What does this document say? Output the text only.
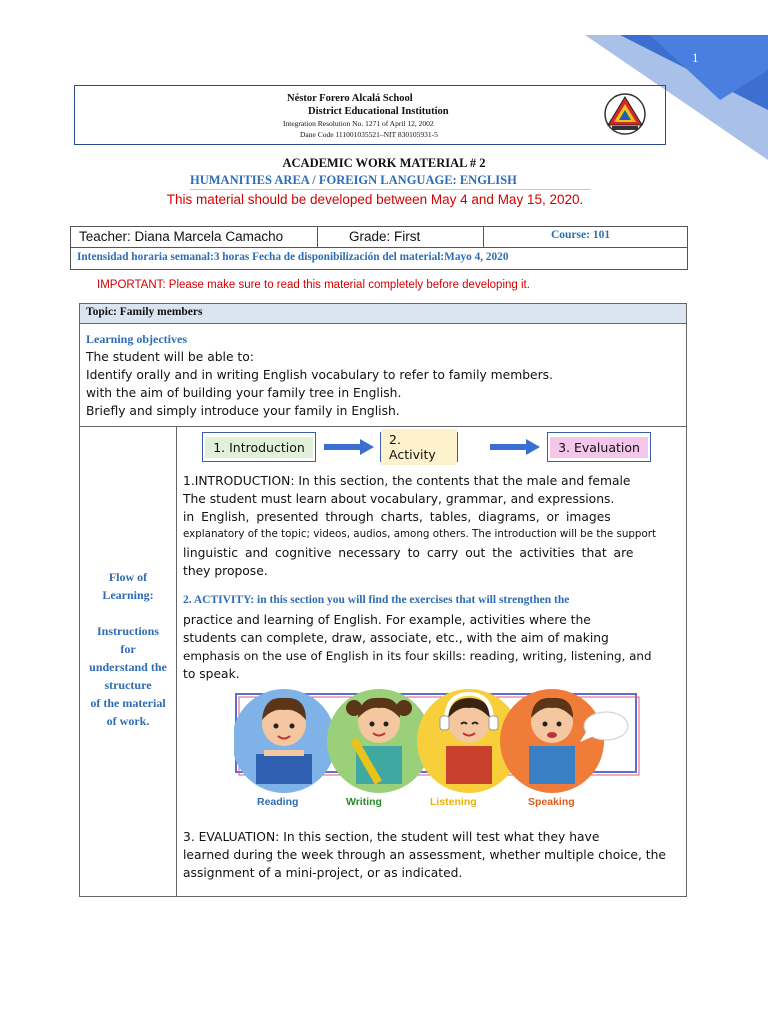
1
Néstor Forero Alcalá School
District Educational Institution
Integration Resolution No. 1271 of April 12, 2002
Dane Code 111001035521–NIT 830105931-5
ACADEMIC WORK MATERIAL # 2
HUMANITIES AREA / FOREIGN LANGUAGE: ENGLISH
This material should be developed between May 4 and May 15, 2020.
Teacher: Diana Marcela Camacho	Grade: First	Course: 101
Intensidad horaria semanal:3 horas Fecha de disponibilización del material:Mayo 4, 2020
IMPORTANT: Please make sure to read this material completely before developing it.
Topic: Family members
Learning objectives
The student will be able to:
Identify orally and in writing English vocabulary to refer to family members.
with the aim of building your family tree in English.
Briefly and simply introduce your family in English.
Flow of
Learning:
Instructions
for
understand the
structure
of the material
of work.
1. Introduction	2. Activity	3. Evaluation
1.INTRODUCTION: In this section, the contents that the male and female
The student must learn about vocabulary, grammar, and expressions.
in English, presented through charts, tables, diagrams, or images
explanatory of the topic; videos, audios, among others. The introduction will be the support
linguistic and cognitive necessary to carry out the activities that are
they propose.
2. ACTIVITY: in this section you will find the exercises that will strengthen the
practice and learning of English. For example, activities where the
students can complete, draw, associate, etc., with the aim of making
emphasis on the use of English in its four skills: reading, writing, listening, and
to speak.
3. EVALUATION: In this section, the student will test what they have
learned during the week through an assessment, whether multiple choice, the
assignment of a mini-project, or as indicated.
Reading	Writing	Listening	Speaking
